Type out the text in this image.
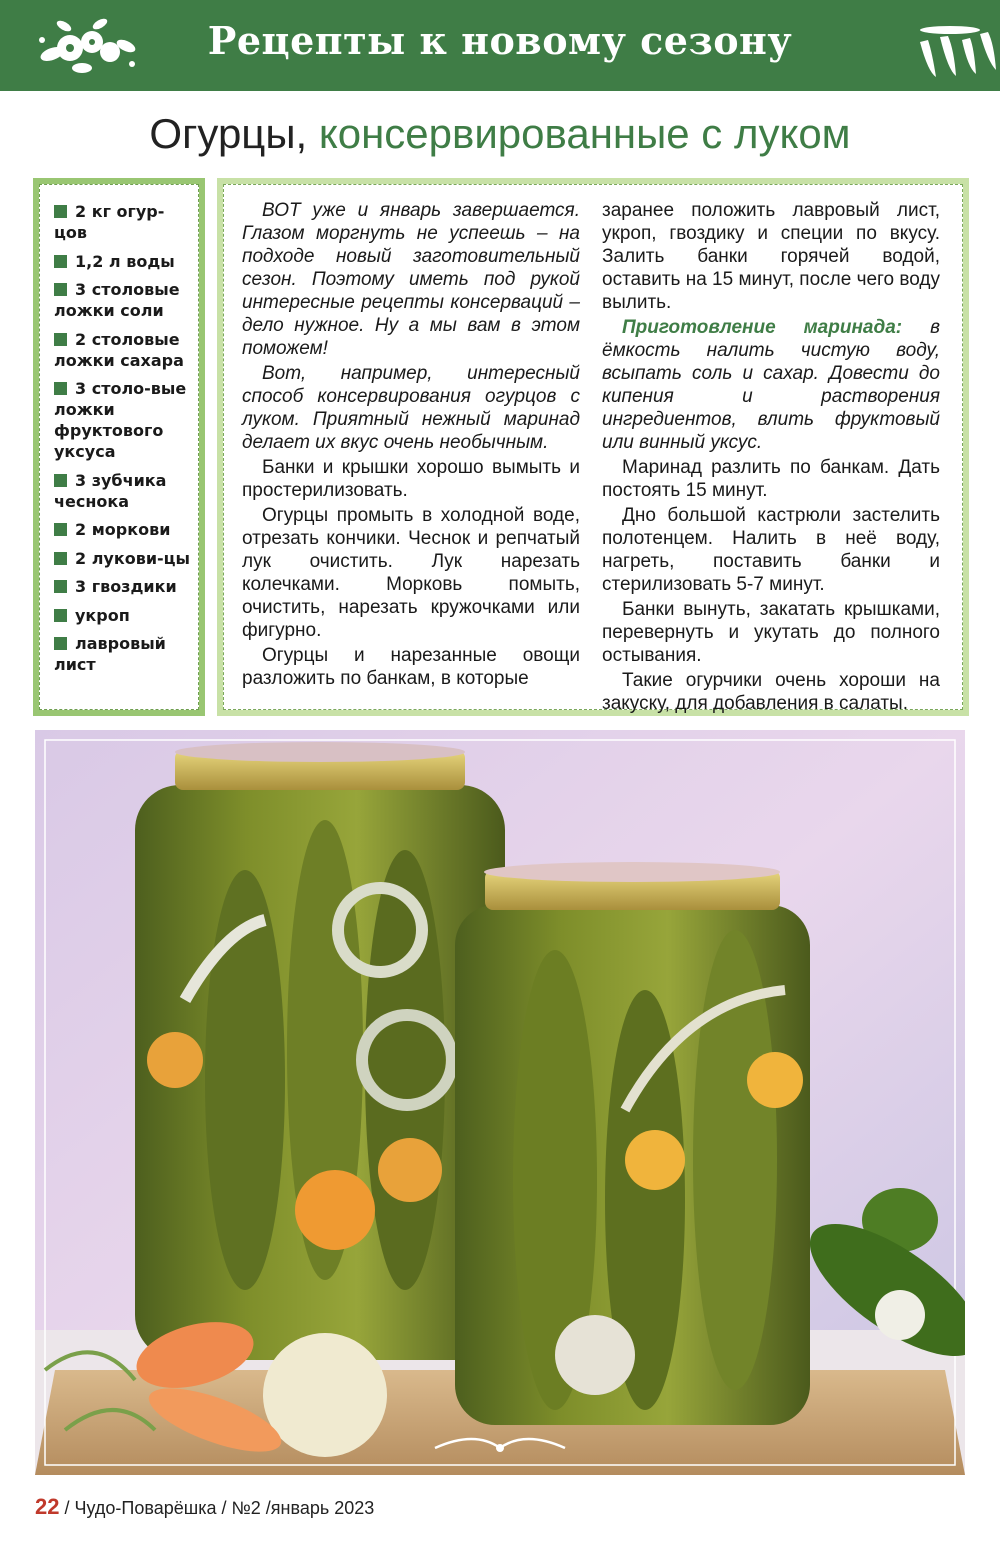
Рецепты к новому сезону
Огурцы, консервированные с луком
2 кг огур-цов
1,2 л воды
3 столовые ложки соли
2 столовые ложки сахара
3 столо-вые ложки фруктового уксуса
3 зубчика чеснока
2 моркови
2 лукови-цы
3 гвоздики
укроп
лавровый лист

ВОТ уже и январь завершается. Глазом моргнуть не успеешь – на подходе новый заготовительный сезон. Поэтому иметь под рукой интересные рецепты консерваций – дело нужное. Ну а мы вам в этом поможем!

Вот, например, интересный способ консервирования огурцов с луком. Приятный нежный маринад делает их вкус очень необычным.

Банки и крышки хорошо вымыть и простерилизовать.

Огурцы промыть в холодной воде, отрезать кончики. Чеснок и репчатый лук очистить. Лук нарезать колечками. Морковь помыть, очистить, нарезать кружочками или фигурно.

Огурцы и нарезанные овощи разложить по банкам, в которые

заранее положить лавровый лист, укроп, гвоздику и специи по вкусу. Залить банки горячей водой, оставить на 15 минут, после чего воду вылить.

Приготовление маринада: в ёмкость налить чистую воду, всыпать соль и сахар. Довести до кипения и растворения ингредиентов, влить фруктовый или винный уксус.

Маринад разлить по банкам. Дать постоять 15 минут.

Дно большой кастрюли застелить полотенцем. Налить в неё воду, нагреть, поставить банки и стерилизовать 5-7 минут.

Банки вынуть, закатать крышками, перевернуть и укутать до полного остывания.

Такие огурчики очень хороши на закуску, для добавления в салаты.

22 / Чудо-Поварёшка / №2 /январь 2023
